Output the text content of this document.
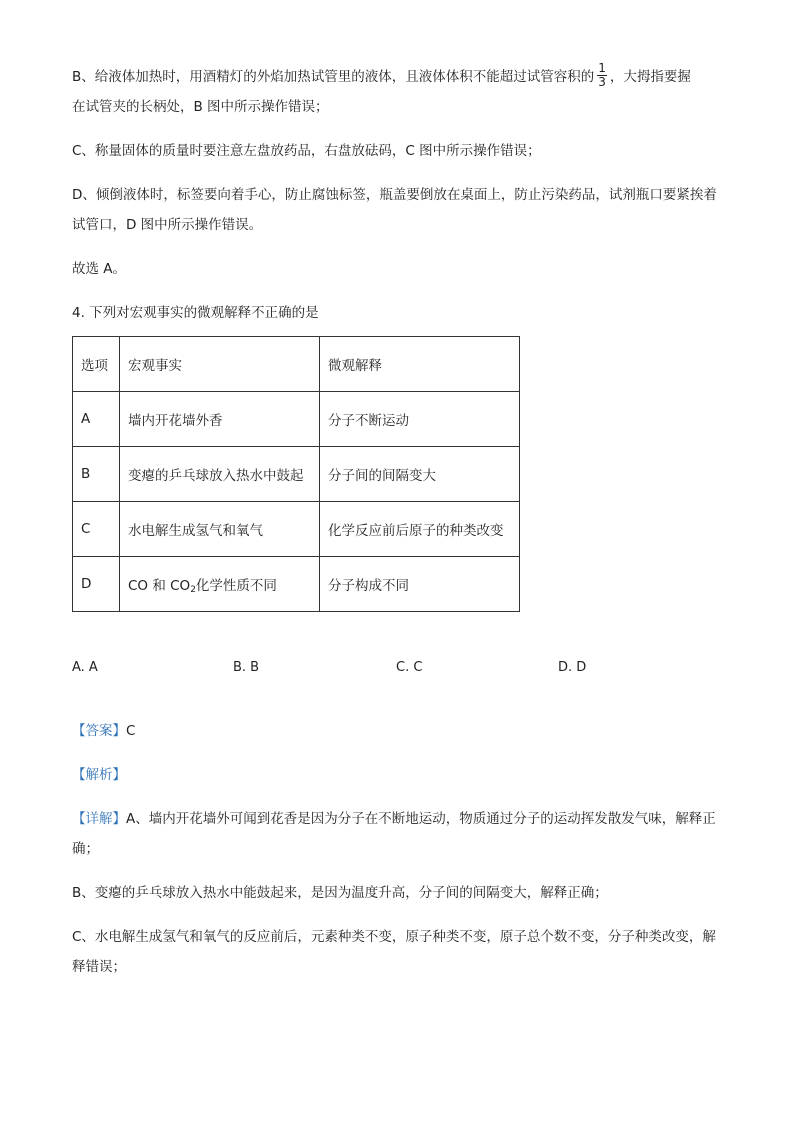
B、给液体加热时，用酒精灯的外焰加热试管里的液体，且液体体积不能超过试管容积的 $\frac{1}{3}$ ，大拇指要握
在试管夹的长柄处，B 图中所示操作错误；

C、称量固体的质量时要注意左盘放药品，右盘放砝码，C 图中所示操作错误；

D、倾倒液体时，标签要向着手心，防止腐蚀标签，瓶盖要倒放在桌面上，防止污染药品，试剂瓶口要紧挨着试管口，D 图中所示操作错误。

故选 A。

4. 下列对宏观事实的微观解释不正确的是

选项	宏观事实	微观解释
A	墙内开花墙外香	分子不断运动
B	变瘪的乒乓球放入热水中鼓起	分子间的间隔变大
C	水电解生成氢气和氧气	化学反应前后原子的种类改变
D	CO 和 $CO_2$化学性质不同	分子构成不同
A. A	B. B	C. C	D. D

【答案】C

【解析】

【详解】A、墙内开花墙外可闻到花香是因为分子在不断地运动，物质通过分子的运动挥发散发气味，解释正确；

B、变瘪的乒乓球放入热水中能鼓起来，是因为温度升高，分子间的间隔变大，解释正确；

C、水电解生成氢气和氧气的反应前后，元素种类不变，原子种类不变，原子总个数不变，分子种类改变，解释错误；
